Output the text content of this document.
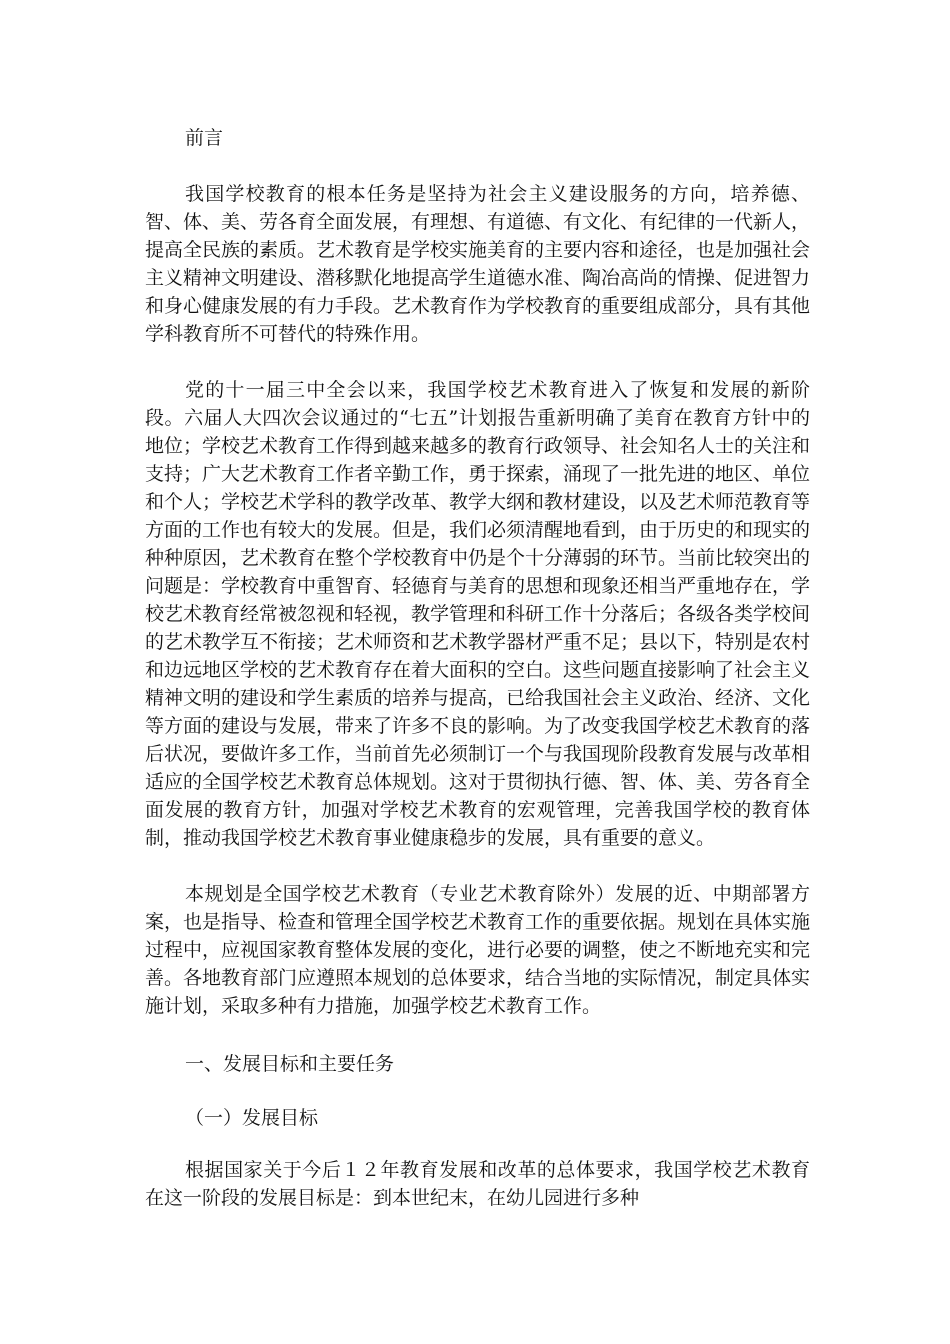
前言

我国学校教育的根本任务是坚持为社会主义建设服务的方向，培养德、智、体、美、劳各育全面发展，有理想、有道德、有文化、有纪律的一代新人，提高全民族的素质。艺术教育是学校实施美育的主要内容和途径，也是加强社会主义精神文明建设、潜移默化地提高学生道德水准、陶冶高尚的情操、促进智力和身心健康发展的有力手段。艺术教育作为学校教育的重要组成部分，具有其他学科教育所不可替代的特殊作用。

党的十一届三中全会以来，我国学校艺术教育进入了恢复和发展的新阶段。六届人大四次会议通过的“七五”计划报告重新明确了美育在教育方针中的地位；学校艺术教育工作得到越来越多的教育行政领导、社会知名人士的关注和支持；广大艺术教育工作者辛勤工作，勇于探索，涌现了一批先进的地区、单位和个人；学校艺术学科的教学改革、教学大纲和教材建设，以及艺术师范教育等方面的工作也有较大的发展。但是，我们必须清醒地看到，由于历史的和现实的种种原因，艺术教育在整个学校教育中仍是个十分薄弱的环节。当前比较突出的问题是：学校教育中重智育、轻德育与美育的思想和现象还相当严重地存在，学校艺术教育经常被忽视和轻视，教学管理和科研工作十分落后；各级各类学校间的艺术教学互不衔接；艺术师资和艺术教学器材严重不足；县以下，特别是农村和边远地区学校的艺术教育存在着大面积的空白。这些问题直接影响了社会主义精神文明的建设和学生素质的培养与提高，已给我国社会主义政治、经济、文化等方面的建设与发展，带来了许多不良的影响。为了改变我国学校艺术教育的落后状况，要做许多工作，当前首先必须制订一个与我国现阶段教育发展与改革相适应的全国学校艺术教育总体规划。这对于贯彻执行德、智、体、美、劳各育全面发展的教育方针，加强对学校艺术教育的宏观管理，完善我国学校的教育体制，推动我国学校艺术教育事业健康稳步的发展，具有重要的意义。

本规划是全国学校艺术教育（专业艺术教育除外）发展的近、中期部署方案，也是指导、检查和管理全国学校艺术教育工作的重要依据。规划在具体实施过程中，应视国家教育整体发展的变化，进行必要的调整，使之不断地充实和完善。各地教育部门应遵照本规划的总体要求，结合当地的实际情况，制定具体实施计划，采取多种有力措施，加强学校艺术教育工作。

一、发展目标和主要任务

（一）发展目标

根据国家关于今后１２年教育发展和改革的总体要求，我国学校艺术教育在这一阶段的发展目标是：到本世纪末，在幼儿园进行多种
